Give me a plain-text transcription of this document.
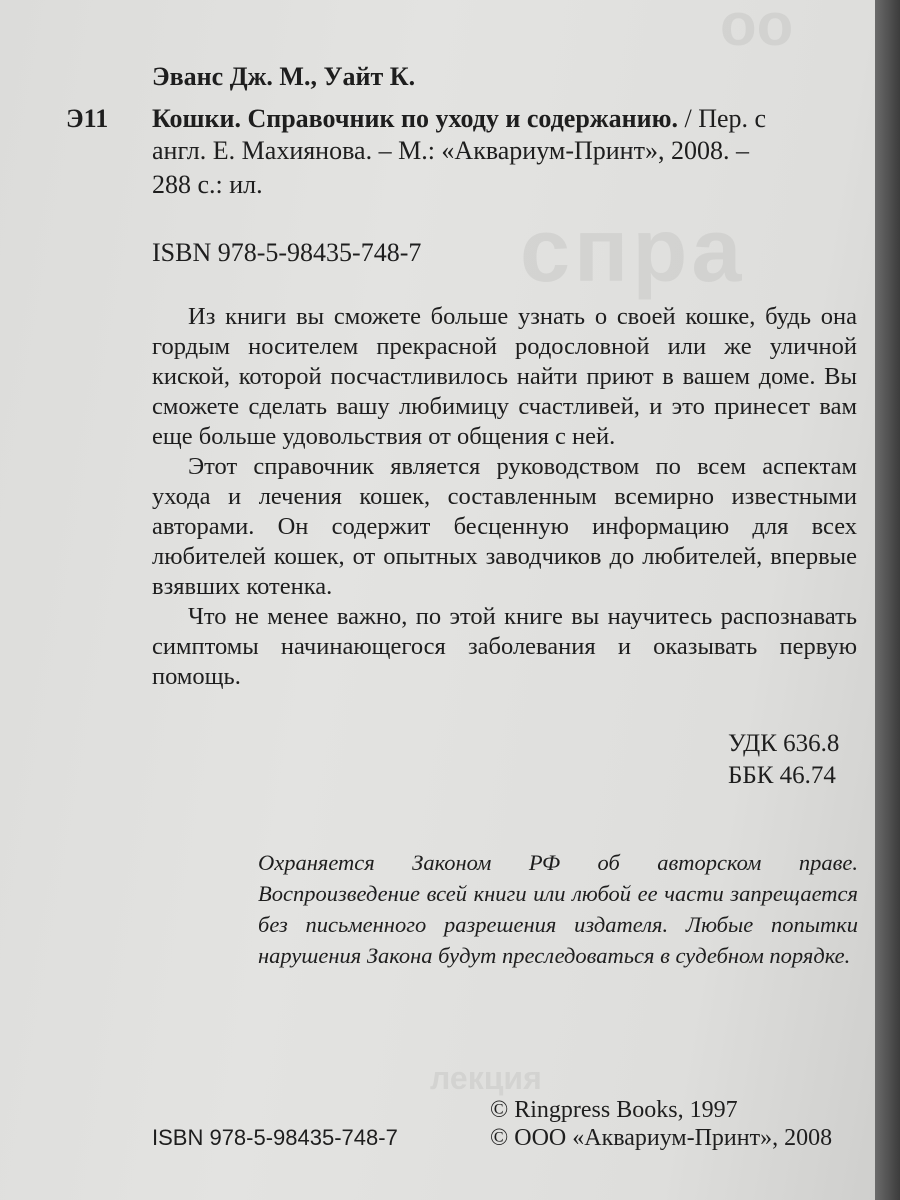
оо
спра
лекция
Эванс Дж. М., Уайт К.
Э11 Кошки. Справочник по уходу и содержанию. / Пер. с
англ. Е. Махиянова. – М.: «Аквариум-Принт», 2008. –
288 с.: ил.
ISBN 978-5-98435-748-7

Из книги вы сможете больше узнать о своей кошке, будь она гордым носителем прекрасной родословной или же уличной киской, которой посчастливилось найти приют в вашем доме. Вы сможете сделать вашу любимицу счастливей, и это принесет вам еще больше удовольствия от общения с ней.

Этот справочник является руководством по всем аспектам ухода и лечения кошек, составленным всемирно известными авторами. Он содержит бесценную информацию для всех любителей кошек, от опытных заводчиков до любителей, впервые взявших котенка.

Что не менее важно, по этой книге вы научитесь распознавать симптомы начинающегося заболевания и оказывать первую помощь.

УДК 636.8
ББК 46.74
Охраняется Законом РФ об авторском праве. Воспроизведение всей книги или любой ее части запрещается без письменного разрешения издателя. Любые попытки нарушения Закона будут преследоваться в судебном порядке.
ISBN 978-5-98435-748-7
© Ringpress Books, 1997
© ООО «Аквариум-Принт», 2008
